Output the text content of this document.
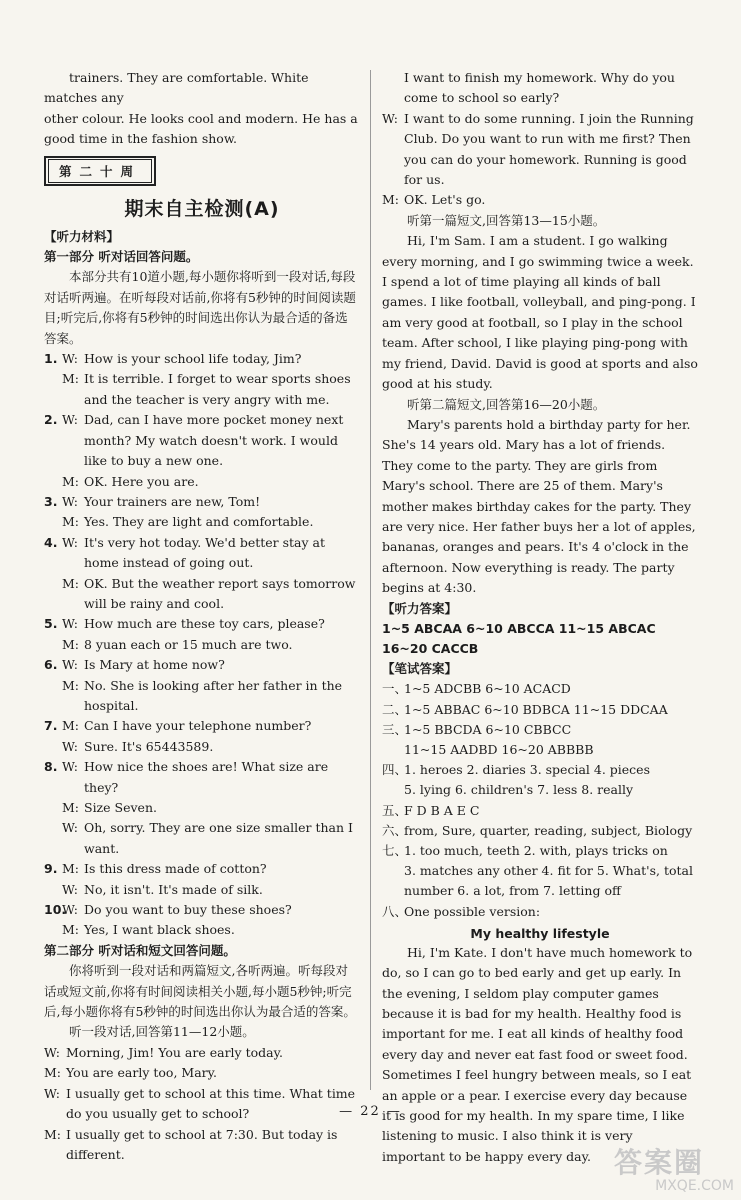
trainers. They are comfortable. White matches any

other colour. He looks cool and modern. He has a

good time in the fashion show.

第二十周
期末自主检测(A)

【听力材料】

第一部分 听对话回答问题。

本部分共有10道小题,每小题你将听到一段对话,每段对话听两遍。在听每段对话前,你将有5秒钟的时间阅读题目;听完后,你将有5秒钟的时间选出你认为最合适的备选答案。

1. W: How is your school life today, Jim?
M: It is terrible. I forget to wear sports shoes and the teacher is very angry with me.
2. W: Dad, can I have more pocket money next month? My watch doesn't work. I would like to buy a new one.
M: OK. Here you are.
3. W: Your trainers are new, Tom!
M: Yes. They are light and comfortable.
4. W: It's very hot today. We'd better stay at home instead of going out.
M: OK. But the weather report says tomorrow will be rainy and cool.
5. W: How much are these toy cars, please?
M: 8 yuan each or 15 much are two.
6. W: Is Mary at home now?
M: No. She is looking after her father in the hospital.
7. M: Can I have your telephone number?
W: Sure. It's 65443589.
8. W: How nice the shoes are! What size are they?
M: Size Seven.
W: Oh, sorry. They are one size smaller than I want.
9. M: Is this dress made of cotton?
W: No, it isn't. It's made of silk.
10.
W: Do you want to buy these shoes?
M: Yes, I want black shoes.

第二部分 听对话和短文回答问题。

你将听到一段对话和两篇短文,各听两遍。听每段对话或短文前,你将有时间阅读相关小题,每小题5秒钟;听完后,每小题你将有5秒钟的时间选出你认为最合适的答案。

听一段对话,回答第11—12小题。

W: Morning, Jim! You are early today.
M: You are early too, Mary.
W: I usually get to school at this time. What time do you usually get to school?
M: I usually get to school at 7:30. But today is different.

I want to finish my homework. Why do you come to school so early?

W: I want to do some running. I join the Running Club. Do you want to run with me first? Then you can do your homework. Running is good for us.
M: OK. Let's go.

听第一篇短文,回答第13—15小题。

Hi, I'm Sam. I am a student. I go walking every morning, and I go swimming twice a week. I spend a lot of time playing all kinds of ball games. I like football, volleyball, and ping-pong. I am very good at football, so I play in the school team. After school, I like playing ping-pong with my friend, David. David is good at sports and also good at his study.

听第二篇短文,回答第16—20小题。

Mary's parents hold a birthday party for her. She's 14 years old. Mary has a lot of friends. They come to the party. They are girls from Mary's school. There are 25 of them. Mary's mother makes birthday cakes for the party. They are very nice. Her father buys her a lot of apples, bananas, oranges and pears. It's 4 o'clock in the afternoon. Now everything is ready. The party begins at 4:30.

【听力答案】

1~5 ABCAA 6~10 ABCCA 11~15 ABCAC

16~20 CACCB

【笔试答案】

一、
1~5 ADCBB 6~10 ACACD
二、
1~5 ABBAC 6~10 BDBCA 11~15 DDCAA
三、
1~5 BBCDA 6~10 CBBCC
11~15 AADBD 16~20 ABBBB
四、
1. heroes 2. diaries 3. special 4. pieces
5. lying 6. children's 7. less 8. really
五、
F D B A E C
六、
from, Sure, quarter, reading, subject, Biology
七、
1. too much, teeth 2. with, plays tricks on
3. matches any other 4. fit for 5. What's, total
number 6. a lot, from 7. letting off
八、
One possible version:
My healthy lifestyle

Hi, I'm Kate. I don't have much homework to do, so I can go to bed early and get up early. In the evening, I seldom play computer games because it is bad for my health. Healthy food is important for me. I eat all kinds of healthy food every day and never eat fast food or sweet food. Sometimes I feel hungry between meals, so I eat an apple or a pear. I exercise every day because it is good for my health. In my spare time, I like listening to music. I also think it is very important to be happy every day.

— 22 —
答案圈
MXQE.COM
